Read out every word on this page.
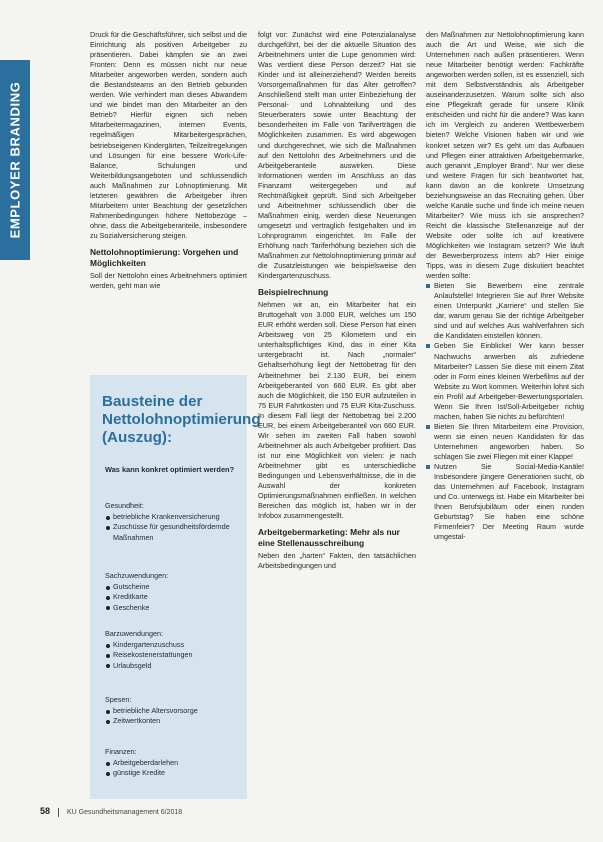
EMPLOYER BRANDING

Druck für die Geschäftsführer, sich selbst und die Einrichtung als positiven Arbeitgeber zu präsentieren. Dabei kämpfen sie an zwei Fronten: Denn es müssen nicht nur neue Mitarbeiter angeworben werden, sondern auch die Bestandsteams an den Betrieb gebunden werden. Wie verhindert man dieses Abwandern und wie bindet man den Mitarbeiter an den Betrieb? Hierfür eignen sich neben Mitarbeitermagazinen, internen Events, regelmäßigen Mitarbeitergesprächen, betriebseigenen Kindergärten, Teilzeitregelungen und Lösungen für eine bessere Work-Life-Balance, Schulungen und Weiterbildungsangeboten und schlussendlich auch Maßnahmen zur Lohnoptimierung. Mit letzteren gewähren die Arbeitgeber ihren Mitarbeitern unter Beachtung der gesetzlichen Rahmenbedingungen höhere Nettobezüge – ohne, dass die Arbeitgeberanteile, insbesondere zu Sozialversicherung steigen.

Nettolohnoptimierung: Vorgehen und Möglichkeiten

Soll der Nettolohn eines Arbeitnehmers optimiert werden, geht man wie

Bausteine der Nettolohnoptimierung (Auszug):
Was kann konkret optimiert werden?
Gesundheit:
betriebliche Krankenversicherung
Zuschüsse für gesundheitsfördernde Maßnahmen
Sachzuwendungen:
Gutscheine
Kreditkarte
Geschenke
Barzuwendungen:
Kindergartenzuschuss
Reisekostenerstattungen
Urlaubsgeld
Spesen:
betriebliche Altersvorsorge
Zeitwertkonten
Finanzen:
Arbeitgeberdarlehen
günstige Kredite

folgt vor: Zunächst wird eine Potenzialanalyse durchgeführt, bei der die aktuelle Situation des Arbeitnehmers unter die Lupe genommen wird: Was verdient diese Person derzeit? Hat sie Kinder und ist alleinerziehend? Werden bereits Vorsorgemaßnahmen für das Alter getroffen? Anschließend stellt man unter Einbeziehung der Personal- und Lohnabteilung und des Steuerberaters sowie unter Beachtung der besonderheiten im Falle von Tarifverträgen die Möglichkeiten zusammen. Es wird abgewogen und durchgerechnet, wie sich die Maßnahmen auf den Nettolohn des Arbeitnehmers und die Arbeitgeberanteile auswirken. Diese Informationen werden im Anschluss an das Finanzamt weitergegeben und auf Rechtmäßigkeit geprüft. Sind sich Arbeitgeber und Arbeitnehmer schlussendlich über die Maßnahmen einig, werden diese Neuerungen umgesetzt und vertraglich festgehalten und im Lohnprogramm eingerichtet. Im Falle der Erhöhung nach Tariferhöhung beziehen sich die Maßnahmen zur Nettolohnoptimierung primär auf die Zusatzleistungen wie beispielsweise den Kindergartenzuschuss.

Beispielrechnung

Nehmen wir an, ein Mitarbeiter hat ein Bruttogehalt von 3.000 EUR, welches um 150 EUR erhöht werden soll. Diese Person hat einen Arbeitsweg von 25 Kilometern und ein unterhaltspflichtiges Kind, das in einer Kita untergebracht ist. Nach „normaler“ Gehaltserhöhung liegt der Nettobetrag für den Arbeitnehmer bei 2.130 EUR, bei einem Arbeitgeberanteil von 660 EUR. Es gibt aber auch die Möglichkeit, die 150 EUR aufzuteilen in 75 EUR Fahrtkosten und 75 EUR Kita-Zuschuss. In diesem Fall liegt der Nettobetrag bei 2.200 EUR, bei einem Arbeitgeberanteil von 660 EUR. Wir sehen im zweiten Fall haben sowohl Arbeitnehmer als auch Arbeitgeber profitiert. Das ist nur eine Möglichkeit von vielen: je nach Arbeitnehmer gibt es unterschiedliche Bedingungen und Lebensverhältnisse, die in die Auswahl der konkreten Optimierungsmaßnahmen einfließen. In welchen Bereichen das möglich ist, haben wir in der Infobox zusammengestellt.

Arbeitgebermarketing: Mehr als nur eine Stellenausschreibung

Neben den „harten“ Fakten, den tatsächlichen Arbeitsbedingungen und

den Maßnahmen zur Nettolohnoptimierung kann auch die Art und Weise, wie sich die Unternehmen nach außen präsentieren. Wenn neue Mitarbeiter benötigt werden: Fachkräfte angeworben werden sollen, ist es essenziell, sich mit dem Selbstverständnis als Arbeitgeber auseinanderzusetzen. Warum sollte sich also eine Pflegekraft gerade für unsere Klinik entscheiden und nicht für die andere? Was kann ich im Vergleich zu anderen Wettbewerbern bieten? Welche Visionen haben wir und wie konkret setzen wir? Es geht um das Aufbauen und Pflegen einer attraktiven Arbeitgebermarke, auch genannt „Employer Brand“. Nur wer diese und weitere Fragen für sich beantwortet hat, kann davon an die konkrete Umsetzung beziehungsweise an das Recruiting gehen. Über welche Kanäle suche und finde ich meine neuen Mitarbeiter? Wie muss ich sie ansprechen? Reicht die klassische Stellenanzeige auf der Website oder sollte ich auf kreativere Möglichkeiten wie Instagram setzen? Wie läuft der Bewerberprozess intern ab? Hier einige Tipps, was in diesem Zuge diskutiert beachtet werden sollte:

Bieten Sie Bewerbern eine zentrale Anlaufstelle! Integrieren Sie auf Ihrer Website einen Unterpunkt „Karriere“ und stellen Sie dar, warum genau Sie der richtige Arbeitgeber sind und auf welches Aus wahlverfahren sich die Kandidaten einstellen können.
Geben Sie Einblicke! Wer kann besser Nachwuchs anwerben als zufriedene Mitarbeiter? Lassen Sie diese mit einem Zitat oder in Form eines kleinen Werbefilms auf der Website zu Wort kommen. Weiterhin lohnt sich ein Profil auf Arbeitgeber-Bewertungsportalen. Wenn Sie Ihren Ist/Soll-Arbeitgeber richtig machen, haben Sie nichts zu befürchten!
Bieten Sie Ihren Mitarbeitern eine Provision, wenn sie einen neuen Kandidaten für das Unternehmen angeworben haben. So schlagen Sie zwei Fliegen mit einer Klappe!
Nutzen Sie Social-Media-Kanäle! Insbesondere jüngere Generationen sucht, ob das Unternehmen auf Facebook, Instagram und Co. unterwegs ist. Habe ein Mitarbeiter bei Ihnen Berufsjubiläum oder einen runden Geburtstag? Sie haben eine schöne Firmenfeier? Der Meeting Raum wurde umgestal-
58 KU Gesundheitsmanagement 6/2018
